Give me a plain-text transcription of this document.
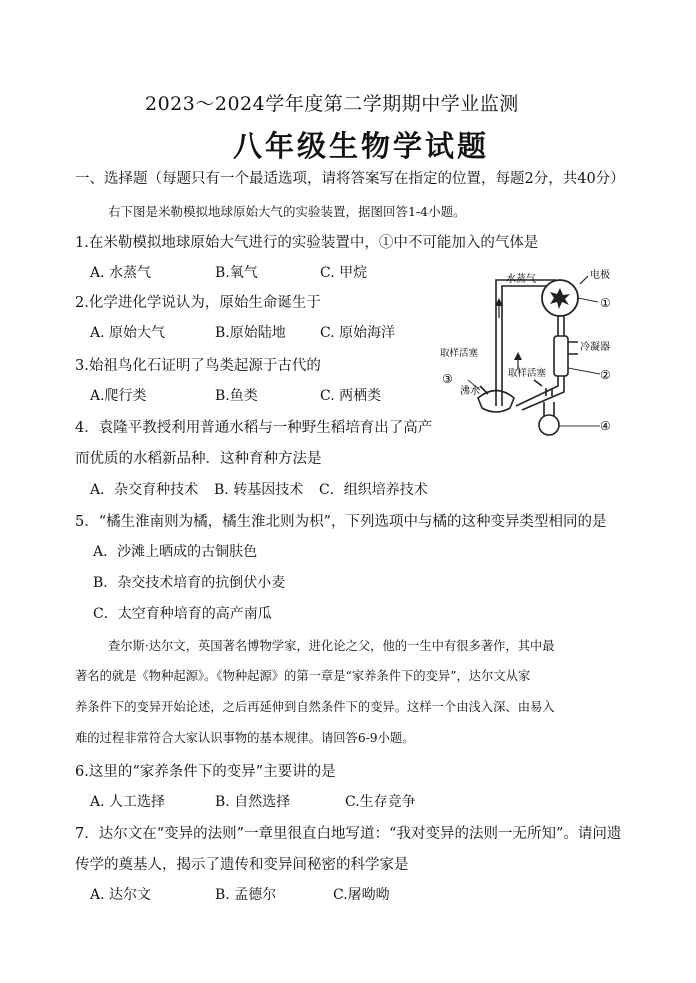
2023～2024学年度第二学期期中学业监测
八年级生物学试题
一、选择题（每题只有一个最适选项，请将答案写在指定的位置，每题2分，共40分）
右下图是米勒模拟地球原始大气的实验装置，据图回答1-4小题。
1.在米勒模拟地球原始大气进行的实验装置中，①中不可能加入的气体是
A. 水蒸气	B.氧气	C. 甲烷
2.化学进化学说认为，原始生命诞生于
A. 原始大气	B.原始陆地 C. 原始海洋
3.始祖鸟化石证明了鸟类起源于古代的
A.爬行类	B.鱼类	C. 两栖类
4．袁隆平教授利用普通水稻与一种野生稻培育出了高产
而优质的水稻新品种．这种育种方法是
A．杂交育种技术 B. 转基因技术 C．组织培养技术
5．“橘生淮南则为橘，橘生淮北则为枳”，下列选项中与橘的这种变异类型相同的是
A．沙滩上晒成的古铜肤色
B．杂交技术培育的抗倒伏小麦
C．太空育种培育的高产南瓜
查尔斯·达尔文，英国著名博物学家，进化论之父，他的一生中有很多著作，其中最
著名的就是《物种起源》。《物种起源》的第一章是“家养条件下的变异”，达尔文从家
养条件下的变异开始论述，之后再延伸到自然条件下的变异。这样一个由浅入深、由易入
难的过程非常符合大家认识事物的基本规律。请回答6-9小题。
6.这里的“家养条件下的变异”主要讲的是
A. 人工选择	B. 自然选择	C.生存竞争
7．达尔文在“变异的法则”一章里很直白地写道：“我对变异的法则一无所知”。请问遗
传学的奠基人，揭示了遗传和变异间秘密的科学家是
A. 达尔文	B. 孟德尔	C.屠呦呦
水蒸气	电极
冷凝器
取样活塞
取样活塞
沸水
①
②
③
④
